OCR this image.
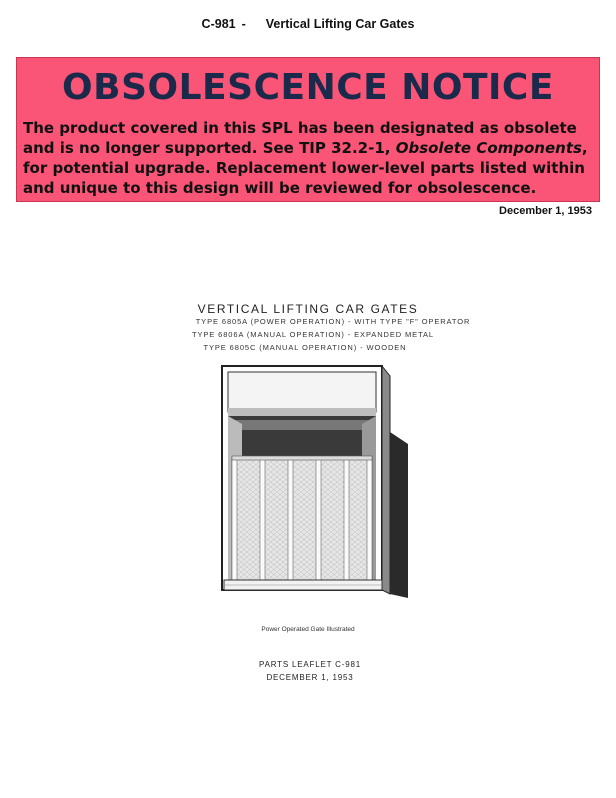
C-981 - Vertical Lifting Car Gates
OBSOLESCENCE NOTICE
The product covered in this SPL has been designated as obsolete and is no longer supported. See TIP 32.2-1, Obsolete Components, for potential upgrade. Replacement lower-level parts listed within and unique to this design will be reviewed for obsolescence.
December 1, 1953
VERTICAL LIFTING CAR GATES
TYPE 6805A (POWER OPERATION) - WITH TYPE "F" OPERATOR
TYPE 6806A (MANUAL OPERATION) - EXPANDED METAL
TYPE 6805C (MANUAL OPERATION) - WOODEN
Power Operated Gate Illustrated
PARTS LEAFLET C-981
DECEMBER 1, 1953
